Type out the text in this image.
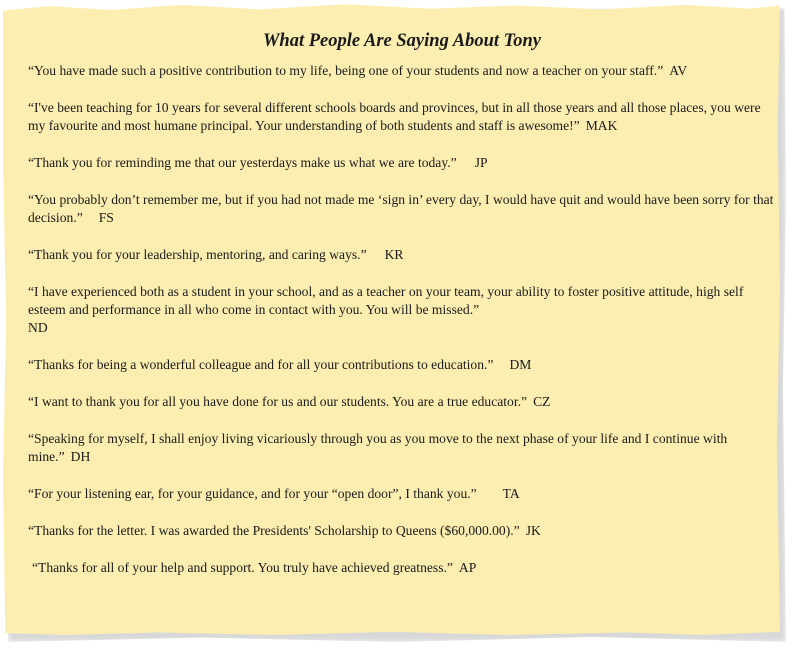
What People Are Saying About Tony
“You have made such a positive contribution to my life, being one of your students and now a teacher on your staff.” AV
“I've been teaching for 10 years for several different schools boards and provinces, but in all those years and all those places, you were my favourite and most humane principal. Your understanding of both students and staff is awesome!” MAK
“Thank you for reminding me that our yesterdays make us what we are today.” JP
“You probably don’t remember me, but if you had not made me ‘sign in’ every day, I would have quit and would have been sorry for that decision.” FS
“Thank you for your leadership, mentoring, and caring ways.” KR
“I have experienced both as a student in your school, and as a teacher on your team, your ability to foster positive attitude, high self esteem and performance in all who come in contact with you. You will be missed.”
ND
“Thanks for being a wonderful colleague and for all your contributions to education.” DM
“I want to thank you for all you have done for us and our students. You are a true educator.” CZ
“Speaking for myself, I shall enjoy living vicariously through you as you move to the next phase of your life and I continue with mine.” DH
“For your listening ear, for your guidance, and for your “open door”, I thank you.” TA
“Thanks for the letter. I was awarded the Presidents' Scholarship to Queens ($60,000.00).” JK
“Thanks for all of your help and support. You truly have achieved greatness.” AP
